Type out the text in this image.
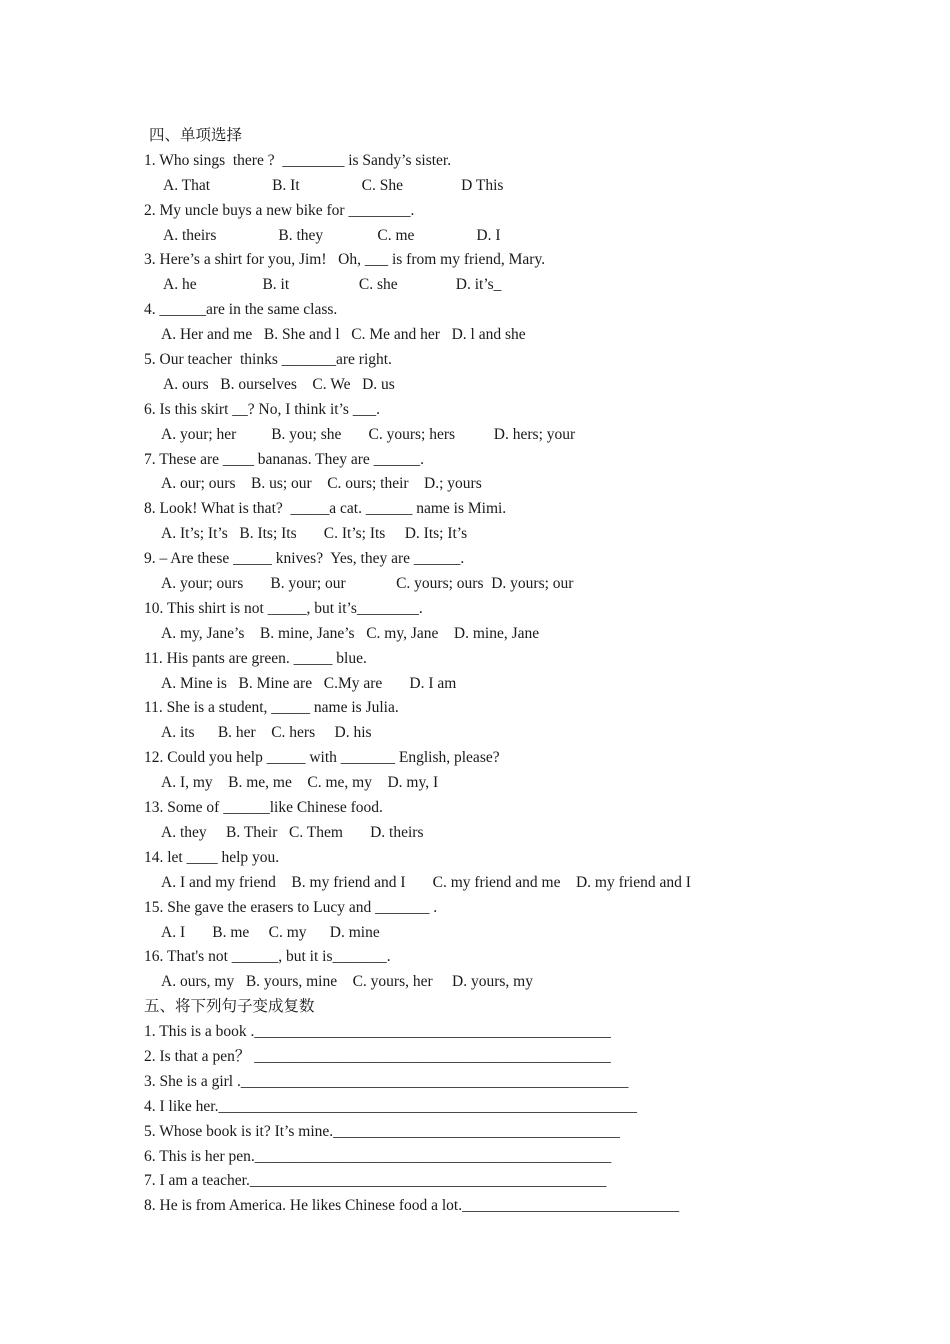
四、单项选择
1. Who sings  there ?  ________ is Sandy’s sister.
A. That                B. It                C. She               D This
2. My uncle buys a new bike for ________.
A. theirs                B. they              C. me                D. I
3. Here’s a shirt for you, Jim!   Oh, ___ is from my friend, Mary.
A. he                 B. it                  C. she               D. it’s_
4. ______are in the same class.
A. Her and me   B. She and l   C. Me and her   D. l and she
5. Our teacher  thinks _______are right.
A. ours   B. ourselves    C. We   D. us
6. Is this skirt __? No, I think it’s ___.
A. your; her         B. you; she       C. yours; hers          D. hers; your
7. These are ____ bananas. They are ______.
A. our; ours    B. us; our    C. ours; their    D.; yours
8. Look! What is that?  _____a cat. ______ name is Mimi.
A. It’s; It’s   B. Its; Its       C. It’s; Its     D. Its; It’s
9. – Are these _____ knives?  Yes, they are ______.
A. your; ours       B. your; our             C. yours; ours  D. yours; our
10. This shirt is not _____, but it’s________.
A. my, Jane’s    B. mine, Jane’s   C. my, Jane    D. mine, Jane
11. His pants are green. _____ blue.
A. Mine is   B. Mine are   C.My are       D. I am
11. She is a student, _____ name is Julia.
A. its      B. her    C. hers     D. his
12. Could you help _____ with _______ English, please?
A. I, my    B. me, me    C. me, my    D. my, I
13. Some of ______like Chinese food.
A. they     B. Their   C. Them       D. theirs
14. let ____ help you.
A. I and my friend    B. my friend and I       C. my friend and me    D. my friend and I
15. She gave the erasers to Lucy and _______ .
A. I       B. me     C. my      D. mine
16. That's not ______, but it is_______.
A. ours, my   B. yours, mine    C. yours, her     D. yours, my
五、将下列句子变成复数
1. This is a book .______________________________________________
2. Is that a pen？ ______________________________________________
3. She is a girl .__________________________________________________
4. I like her.______________________________________________________
5. Whose book is it? It’s mine._____________________________________
6. This is her pen.______________________________________________
7. I am a teacher.______________________________________________
8. He is from America. He likes Chinese food a lot.____________________________
